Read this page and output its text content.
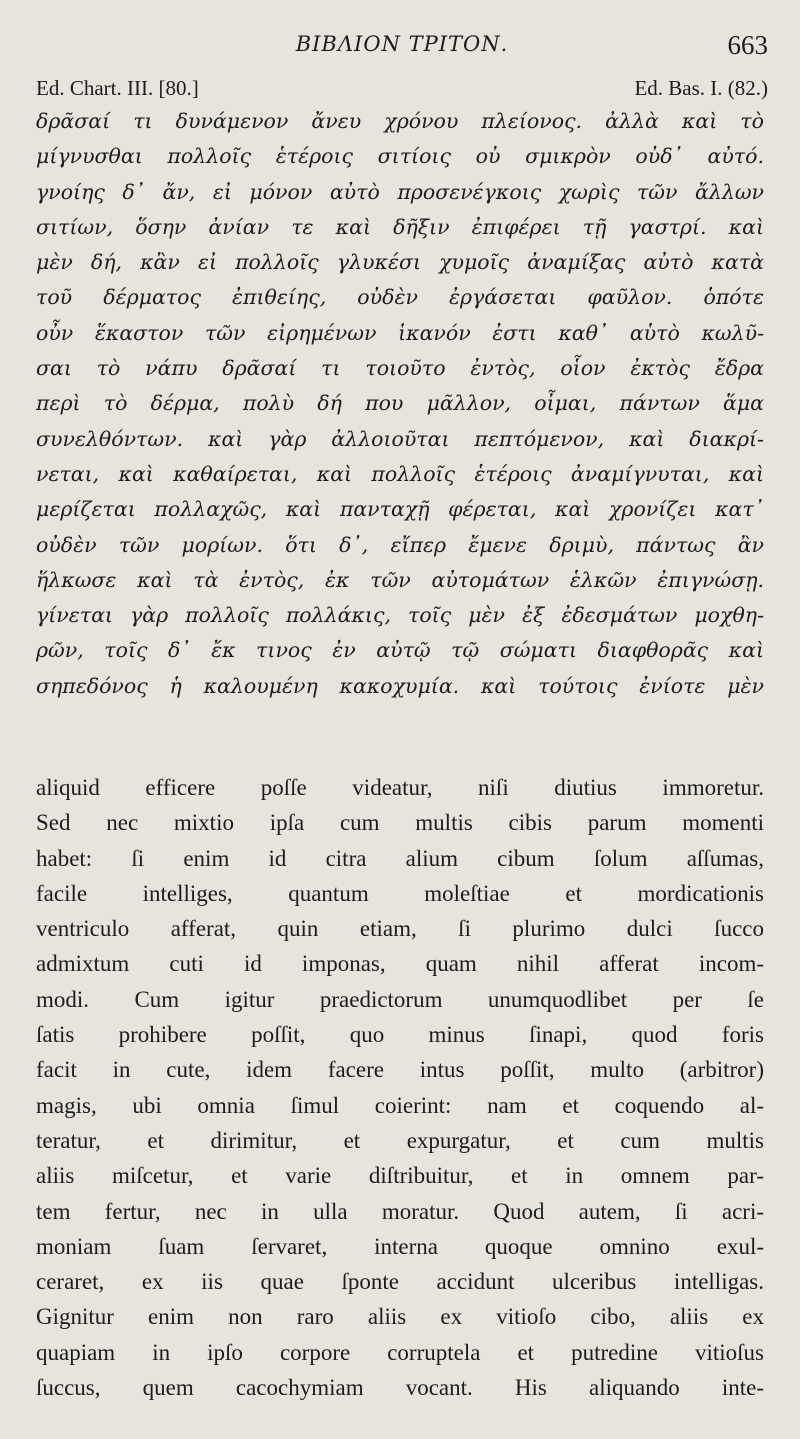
ΒΙΒΛΙΟΝ ΤΡΙΤΟΝ.	663
Ed. Chart. III. [80.]	Ed. Bas. I. (82.)
δρᾶσαί τι δυνάμενον ἄνευ χρόνου πλείονος. ἀλλὰ καὶ τὸ
μίγνυσθαι πολλοῖς ἑτέροις σιτίοις οὐ σμικρὸν οὐδ᾽ αὐτό.
γνοίης δ᾽ ἄν, εἰ μόνον αὐτὸ προσενέγκοις χωρὶς τῶν ἄλλων
σιτίων, ὅσην ἀνίαν τε καὶ δῆξιν ἐπιφέρει τῇ γαστρί. καὶ
μὲν δή, κἂν εἰ πολλοῖς γλυκέσι χυμοῖς ἀναμίξας αὐτὸ κατὰ
τοῦ δέρματος ἐπιθείης, οὐδὲν ἐργάσεται φαῦλον. ὁπότε
οὖν ἕκαστον τῶν εἰρημένων ἱκανόν ἐστι καθ᾽ αὑτὸ κωλῦ-
σαι τὸ νάπυ δρᾶσαί τι τοιοῦτο ἐντὸς, οἷον ἐκτὸς ἔδρα
περὶ τὸ δέρμα, πολὺ δή που μᾶλλον, οἶμαι, πάντων ἅμα
συνελθόντων. καὶ γὰρ ἀλλοιοῦται πεπτόμενον, καὶ διακρί-
νεται, καὶ καθαίρεται, καὶ πολλοῖς ἑτέροις ἀναμίγνυται, καὶ
μερίζεται πολλαχῶς, καὶ πανταχῇ φέρεται, καὶ χρονίζει κατ᾽
οὐδὲν τῶν μορίων. ὅτι δ᾽, εἴπερ ἔμενε δριμὺ, πάντως ἂν
ἥλκωσε καὶ τὰ ἐντὸς, ἐκ τῶν αὐτομάτων ἑλκῶν ἐπιγνώσῃ.
γίνεται γὰρ πολλοῖς πολλάκις, τοῖς μὲν ἐξ ἐδεσμάτων μοχθη-
ρῶν, τοῖς δ᾽ ἔκ τινος ἐν αὐτῷ τῷ σώματι διαφθορᾶς καὶ
σηπεδόνος ἡ καλουμένη κακοχυμία. καὶ τούτοις ἐνίοτε μὲν
aliquid efficere poſſe videatur, niſi diutius immoretur.
Sed nec mixtio ipſa cum multis cibis parum momenti
habet: ſi enim id citra alium cibum ſolum aſſumas,
facile intelliges, quantum moleſtiae et mordicationis
ventriculo afferat, quin etiam, ſi plurimo dulci ſucco
admixtum cuti id imponas, quam nihil afferat incom-
modi. Cum igitur praedictorum unumquodlibet per ſe
ſatis prohibere poſſit, quo minus ſinapi, quod foris
facit in cute, idem facere intus poſſit, multo (arbitror)
magis, ubi omnia ſimul coierint: nam et coquendo al-
teratur, et dirimitur, et expurgatur, et cum multis
aliis miſcetur, et varie diſtribuitur, et in omnem par-
tem fertur, nec in ulla moratur. Quod autem, ſi acri-
moniam ſuam ſervaret, interna quoque omnino exul-
ceraret, ex iis quae ſponte accidunt ulceribus intelligas.
Gignitur enim non raro aliis ex vitioſo cibo, aliis ex
quapiam in ipſo corpore corruptela et putredine vitioſus
ſuccus, quem cacochymiam vocant. His aliquando inte-
